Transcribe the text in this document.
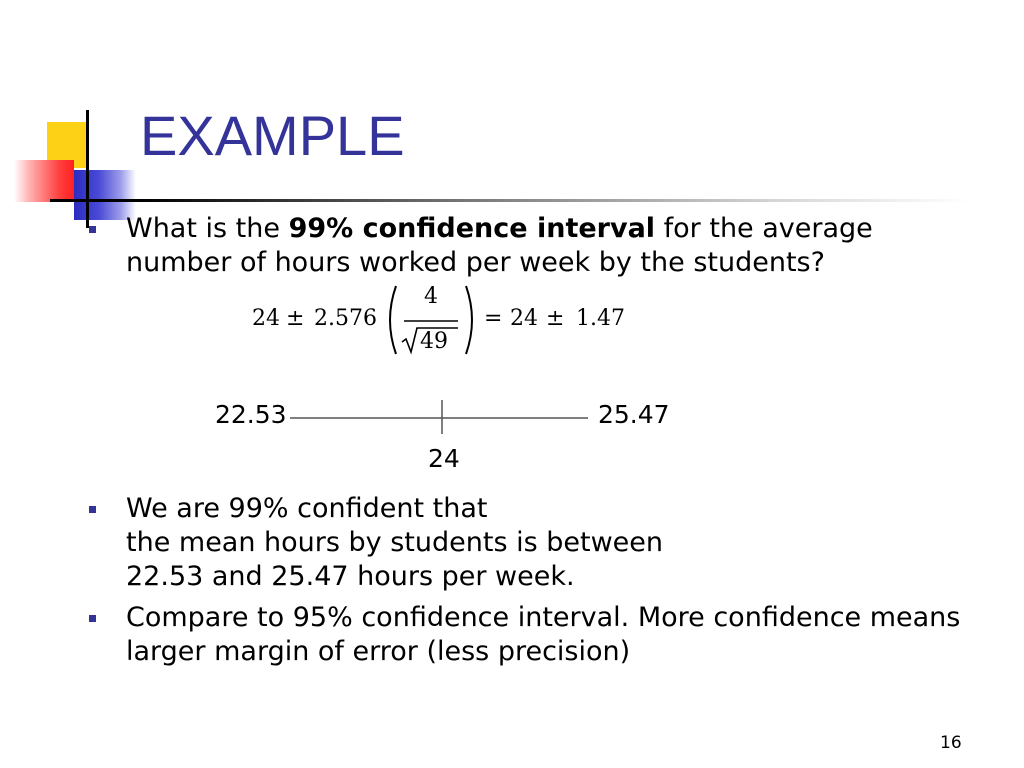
EXAMPLE
What is the 99% confidence interval for the average
number of hours worked per week by the students?
24 ± 2.576
4
49
= 24 ± 1.47
22.53	25.47
24
We are 99% confident that
the mean hours by students is between
22.53 and 25.47 hours per week.
Compare to 95% confidence interval. More confidence means
larger margin of error (less precision)
16
